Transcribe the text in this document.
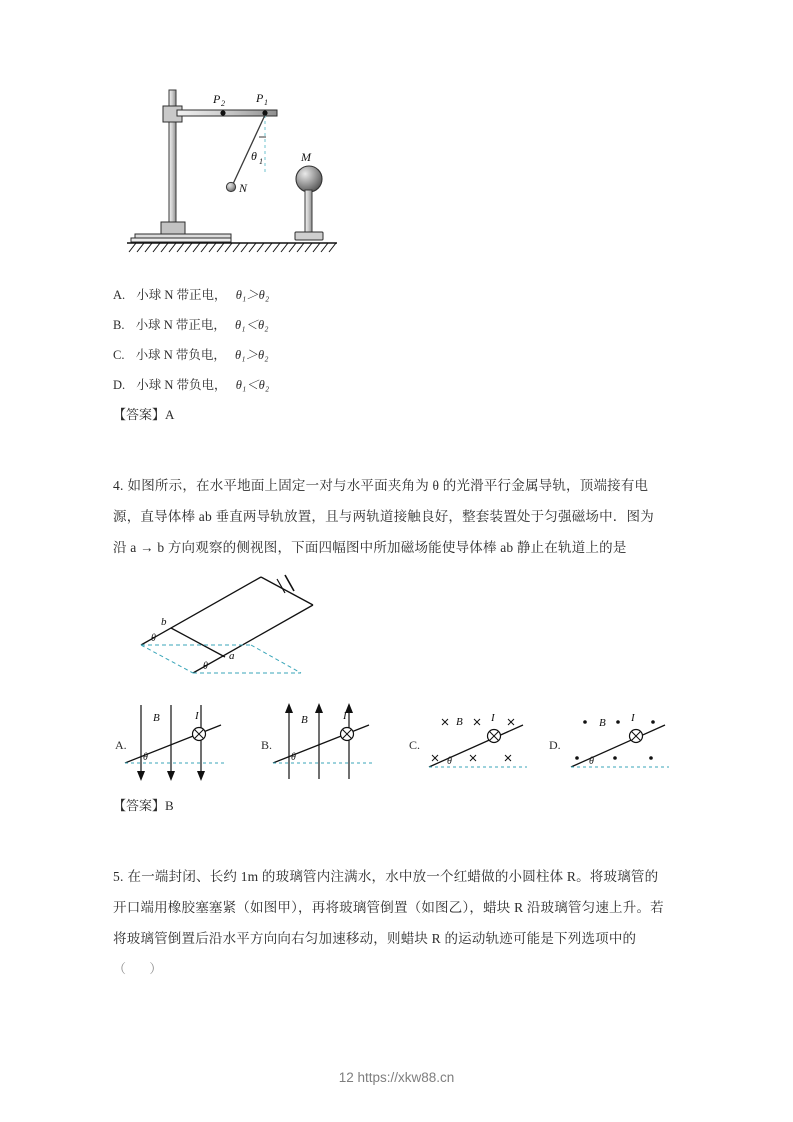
P 2	P 1
θ 1
N
M
A. 小球 N 带正电， θ₁＞θ₂
B. 小球 N 带正电， θ₁＜θ₂
C. 小球 N 带负电， θ₁＞θ₂
D. 小球 N 带负电， θ₁＜θ₂
【答案】A
4. 如图所示，在水平地面上固定一对与水平面夹角为 θ 的光滑平行金属导轨，顶端接有电
源，直导体棒 ab 垂直两导轨放置，且与两轨道接触良好，整套装置处于匀强磁场中．图为
沿 a → b 方向观察的侧视图，下面四幅图中所加磁场能使导体棒 ab 静止在轨道上的是
b
a
θ
θ
A.
B	I
θ
B.
B	I
θ
C.
B	I
θ
D.
B I
θ
【答案】B
5. 在一端封闭、长约 1m 的玻璃管内注满水，水中放一个红蜡做的小圆柱体 R。将玻璃管的
开口端用橡胶塞塞紧（如图甲），再将玻璃管倒置（如图乙），蜡块 R 沿玻璃管匀速上升。若
将玻璃管倒置后沿水平方向向右匀加速移动，则蜡块 R 的运动轨迹可能是下列选项中的
（ ）
12 https://xkw88.cn
